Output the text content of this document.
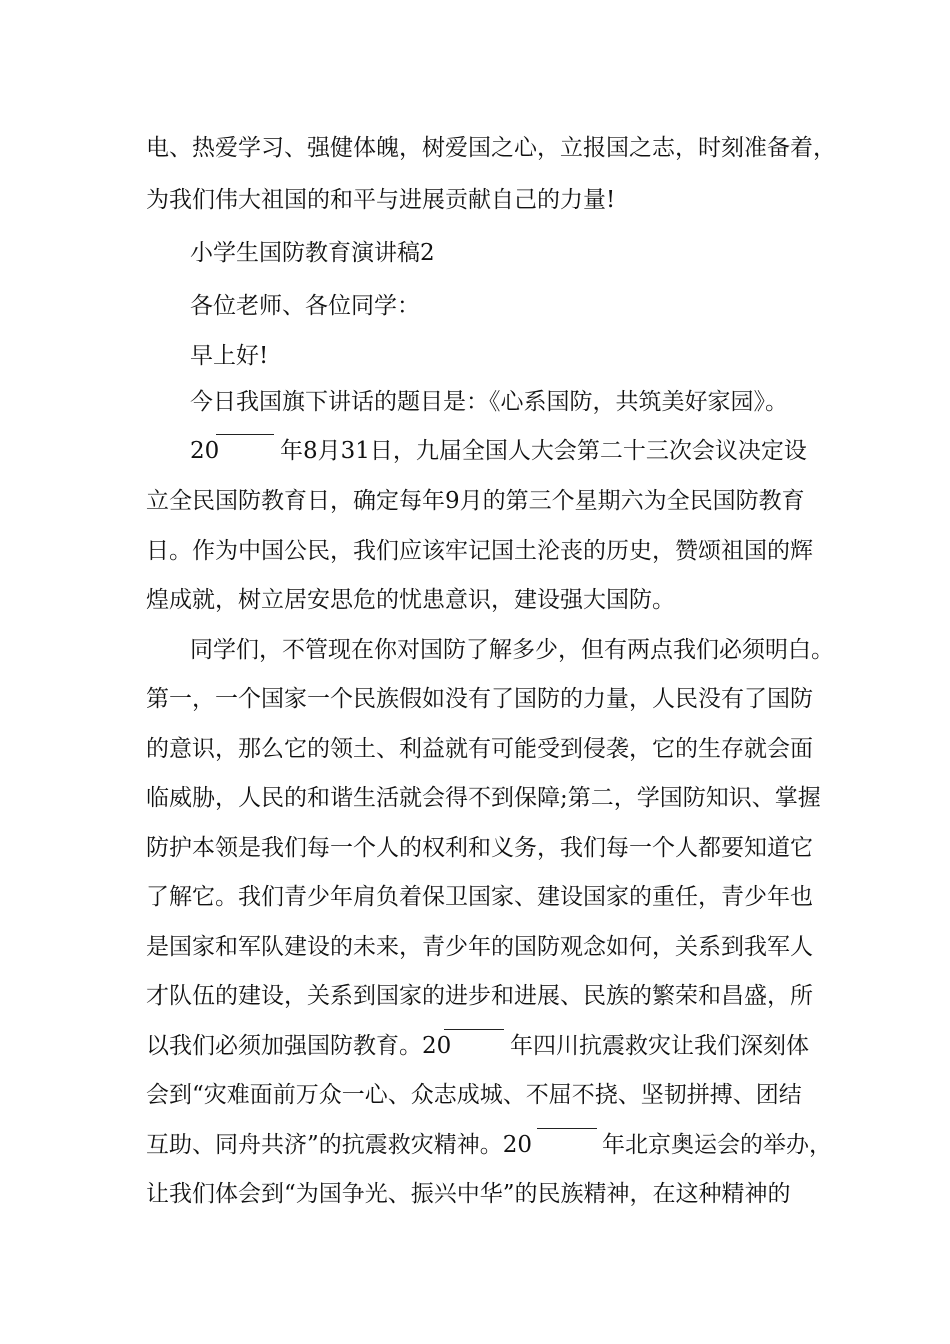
电、热爱学习、强健体魄，树爱国之心，立报国之志，时刻准备着，
为我们伟大祖国的和平与进展贡献自己的力量!
小学生国防教育演讲稿2
各位老师、各位同学：
早上好!
今日我国旗下讲话的题目是：《心系国防，共筑美好家园》。
20	年8月31日，九届全国人大会第二十三次会议决定设
立全民国防教育日，确定每年9月的第三个星期六为全民国防教育
日。作为中国公民，我们应该牢记国土沦丧的历史，赞颂祖国的辉
煌成就，树立居安思危的忧患意识，建设强大国防。
同学们，不管现在你对国防了解多少，但有两点我们必须明白。
第一，一个国家一个民族假如没有了国防的力量，人民没有了国防
的意识，那么它的领土、利益就有可能受到侵袭，它的生存就会面
临威胁，人民的和谐生活就会得不到保障;第二，学国防知识、掌握
防护本领是我们每一个人的权利和义务，我们每一个人都要知道它
了解它。我们青少年肩负着保卫国家、建设国家的重任，青少年也
是国家和军队建设的未来，青少年的国防观念如何，关系到我军人
才队伍的建设，关系到国家的进步和进展、民族的繁荣和昌盛，所
以我们必须加强国防教育。20	年四川抗震救灾让我们深刻体
会到“灾难面前万众一心、众志成城、不屈不挠、坚韧拼搏、团结
互助、同舟共济”的抗震救灾精神。20	年北京奥运会的举办，
让我们体会到“为国争光、振兴中华”的民族精神，在这种精神的
